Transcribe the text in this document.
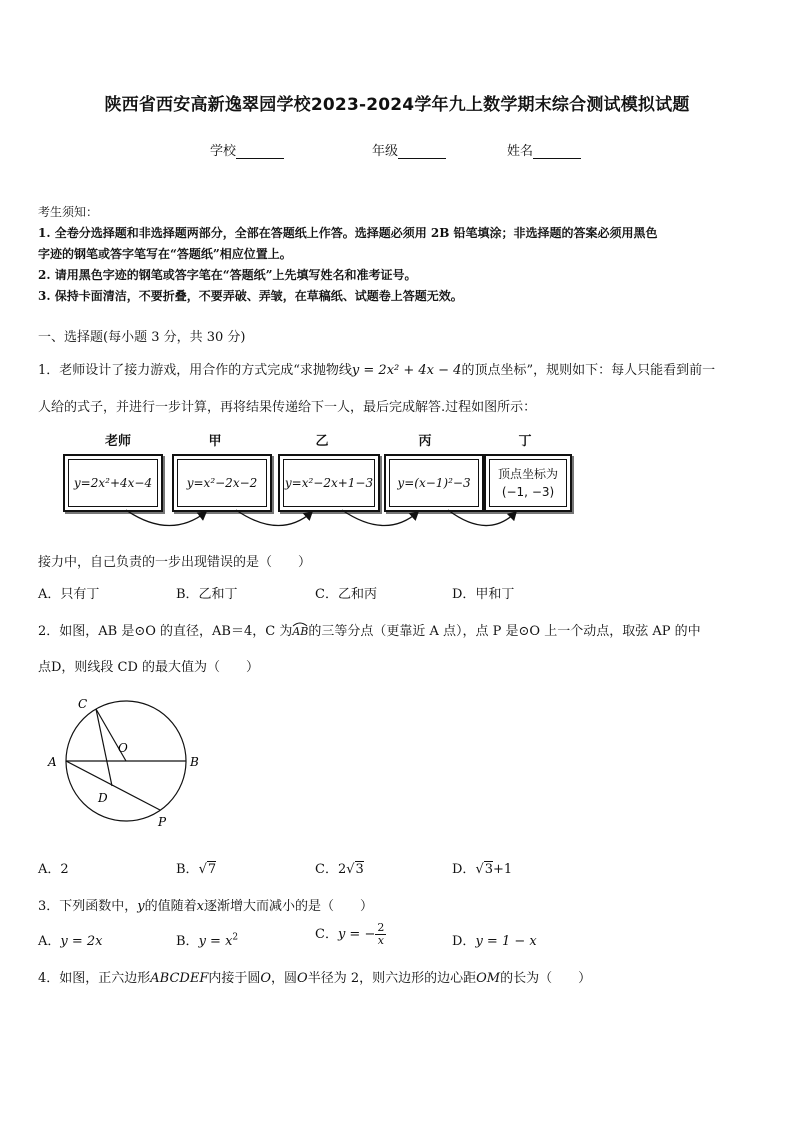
陕西省西安高新逸翠园学校2023-2024学年九上数学期末综合测试模拟试题
学校	年级	姓名
考生须知：
1. 全卷分选择题和非选择题两部分，全部在答题纸上作答。选择题必须用 2B 铅笔填涂；非选择题的答案必须用黑色
字迹的钢笔或答字笔写在“答题纸”相应位置上。
2. 请用黑色字迹的钢笔或答字笔在“答题纸”上先填写姓名和准考证号。
3. 保持卡面清洁，不要折叠，不要弄破、弄皱，在草稿纸、试题卷上答题无效。
一、选择题(每小题 3 分，共 30 分)
1．老师设计了接力游戏，用合作的方式完成“求抛物线y = 2x² + 4x − 4的顶点坐标”，规则如下：每人只能看到前一
人给的式子，并进行一步计算，再将结果传递给下一人，最后完成解答.过程如图所示：
老师	甲	乙	丙	丁
y=2x²+4x−4	y=x²−2x−2	y=x²−2x+1−3	y=(x−1)²−3
顶点坐标为
(−1, −3)
接力中，自己负责的一步出现错误的是（　　）
A．只有丁	B．乙和丁	C．乙和丙	D．甲和丁
2．如图，AB 是⊙O 的直径，AB＝4，C 为
AB的三等分点（更靠近 A 点），点 P 是⊙O 上一个动点，取弦 AP 的中
点D，则线段 CD 的最大值为（　　）
C
O
A	B
D
P
A．2	B．√7	C．2√3	D．√3+1
3．下列函数中，y的值随着x逐渐增大而减小的是（　　）
A．y = 2x	B．$y = x^2$	C．y = − $\frac{2}{x}$	D．y = 1 − x
4．如图，正六边形ABCDEF内接于圆O，圆O半径为 2，则六边形的边心距OM的长为（　　）
